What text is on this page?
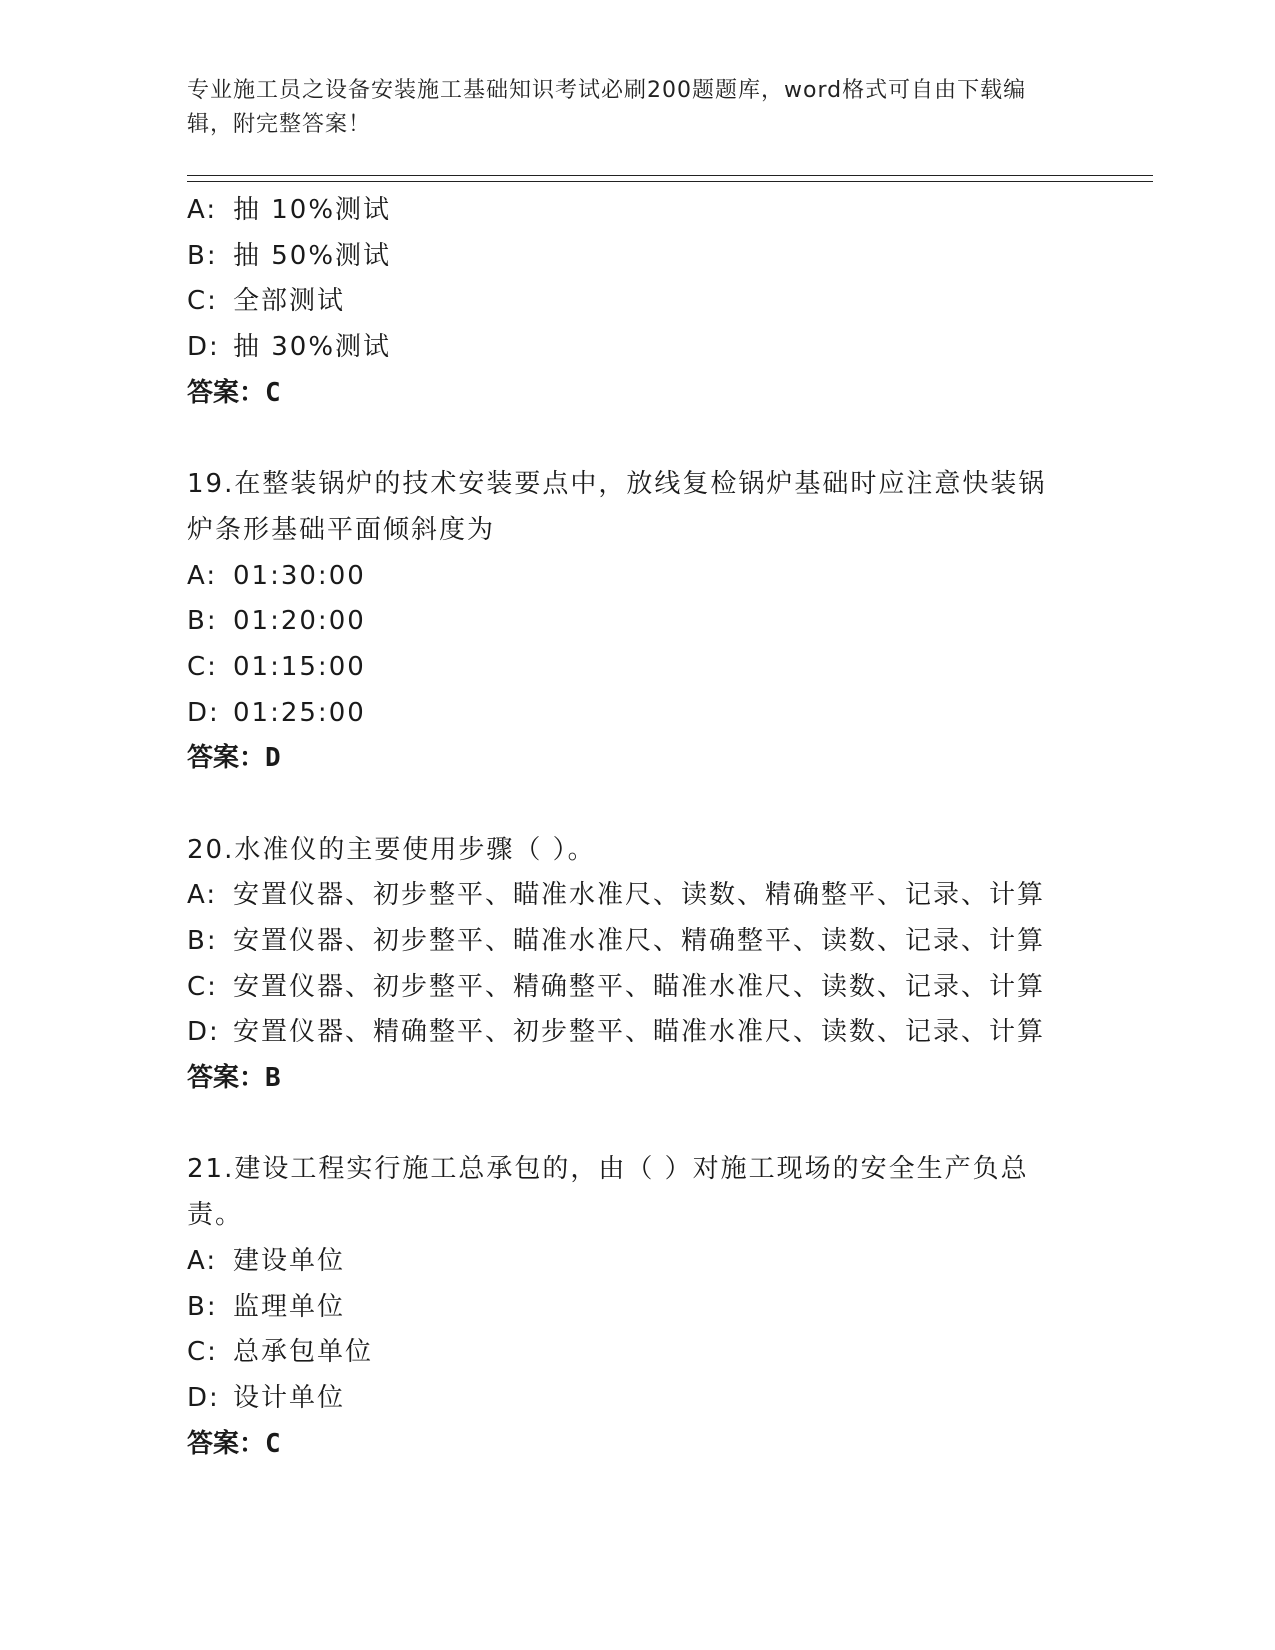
专业施工员之设备安装施工基础知识考试必刷200题题库，word格式可自由下载编辑，附完整答案！
A: 抽 10%测试
B: 抽 50%测试
C: 全部测试
D: 抽 30%测试
答案：C
19.在整装锅炉的技术安装要点中，放线复检锅炉基础时应注意快装锅
炉条形基础平面倾斜度为
A: 01:30:00
B: 01:20:00
C: 01:15:00
D: 01:25:00
答案：D
20.水准仪的主要使用步骤（ ）。
A: 安置仪器、初步整平、瞄准水准尺、读数、精确整平、记录、计算
B: 安置仪器、初步整平、瞄准水准尺、精确整平、读数、记录、计算
C: 安置仪器、初步整平、精确整平、瞄准水准尺、读数、记录、计算
D: 安置仪器、精确整平、初步整平、瞄准水准尺、读数、记录、计算
答案：B
21.建设工程实行施工总承包的，由（ ）对施工现场的安全生产负总
责。
A: 建设单位
B: 监理单位
C: 总承包单位
D: 设计单位
答案：C
